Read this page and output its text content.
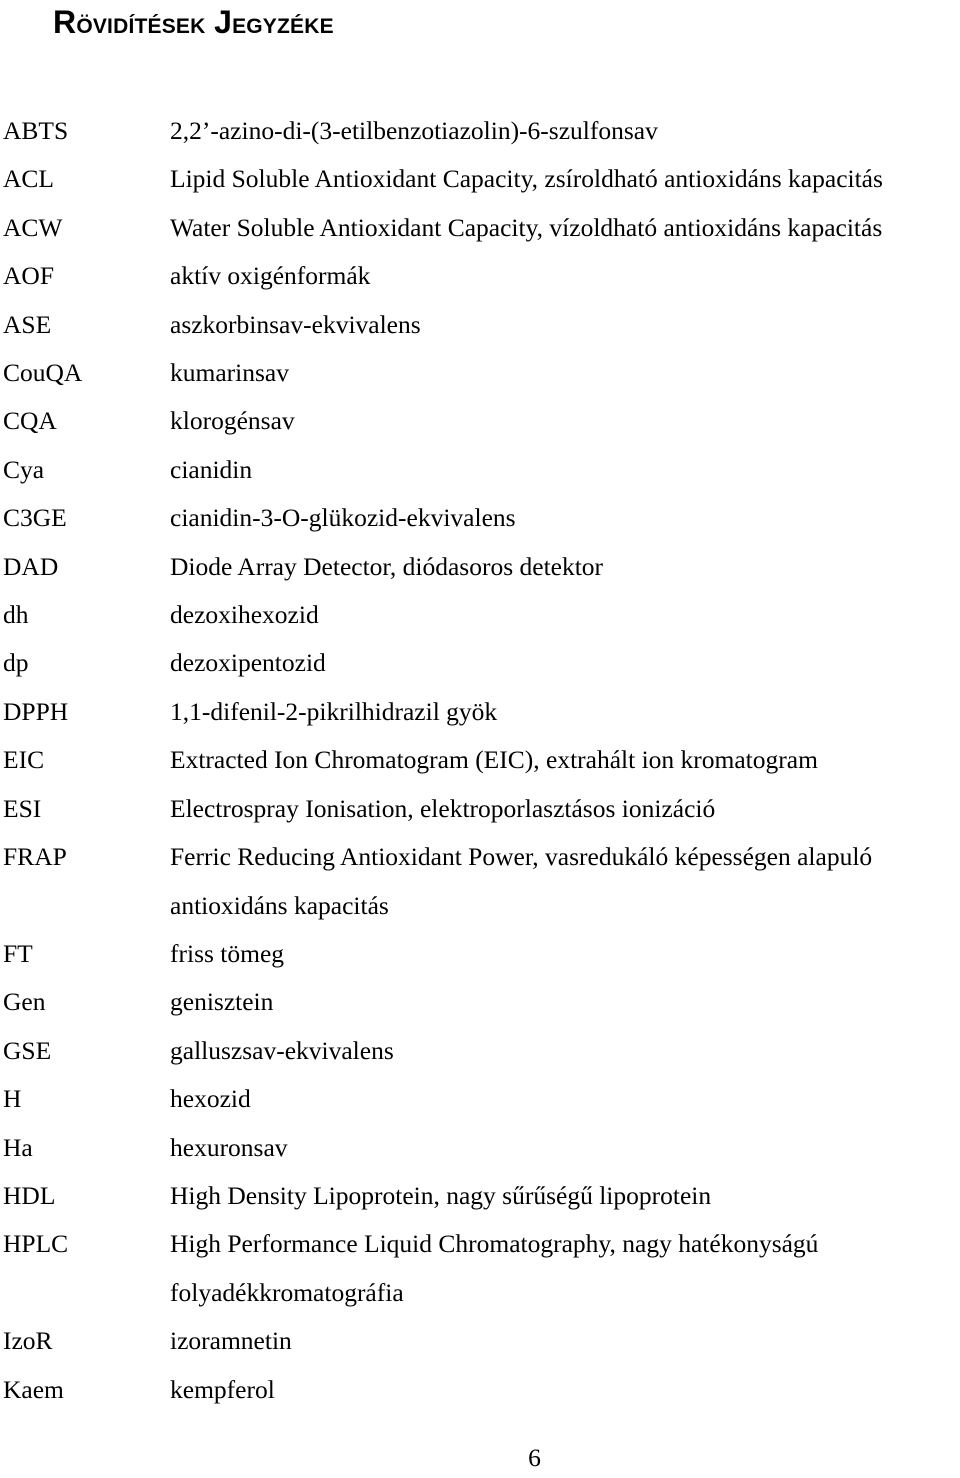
Rövidítések Jegyzéke
ABTS	2,2’-azino-di-(3-etilbenzotiazolin)-6-szulfonsav
ACL	Lipid Soluble Antioxidant Capacity, zsíroldható antioxidáns kapacitás
ACW	Water Soluble Antioxidant Capacity, vízoldható antioxidáns kapacitás
AOF	aktív oxigénformák
ASE	aszkorbinsav-ekvivalens
CouQA	kumarinsav
CQA	klorogénsav
Cya	cianidin
C3GE	cianidin-3-O-glükozid-ekvivalens
DAD	Diode Array Detector, diódasoros detektor
dh	dezoxihexozid
dp	dezoxipentozid
DPPH	1,1-difenil-2-pikrilhidrazil gyök
EIC	Extracted Ion Chromatogram (EIC), extrahált ion kromatogram
ESI	Electrospray Ionisation, elektroporlasztásos ionizáció
FRAP	Ferric Reducing Antioxidant Power, vasredukáló képességen alapuló
antioxidáns kapacitás
FT	friss tömeg
Gen	genisztein
GSE	galluszsav-ekvivalens
H	hexozid
Ha	hexuronsav
HDL	High Density Lipoprotein, nagy sűrűségű lipoprotein
HPLC	High Performance Liquid Chromatography, nagy hatékonyságú
folyadékkromatográfia
IzoR	izoramnetin
Kaem	kempferol
6
